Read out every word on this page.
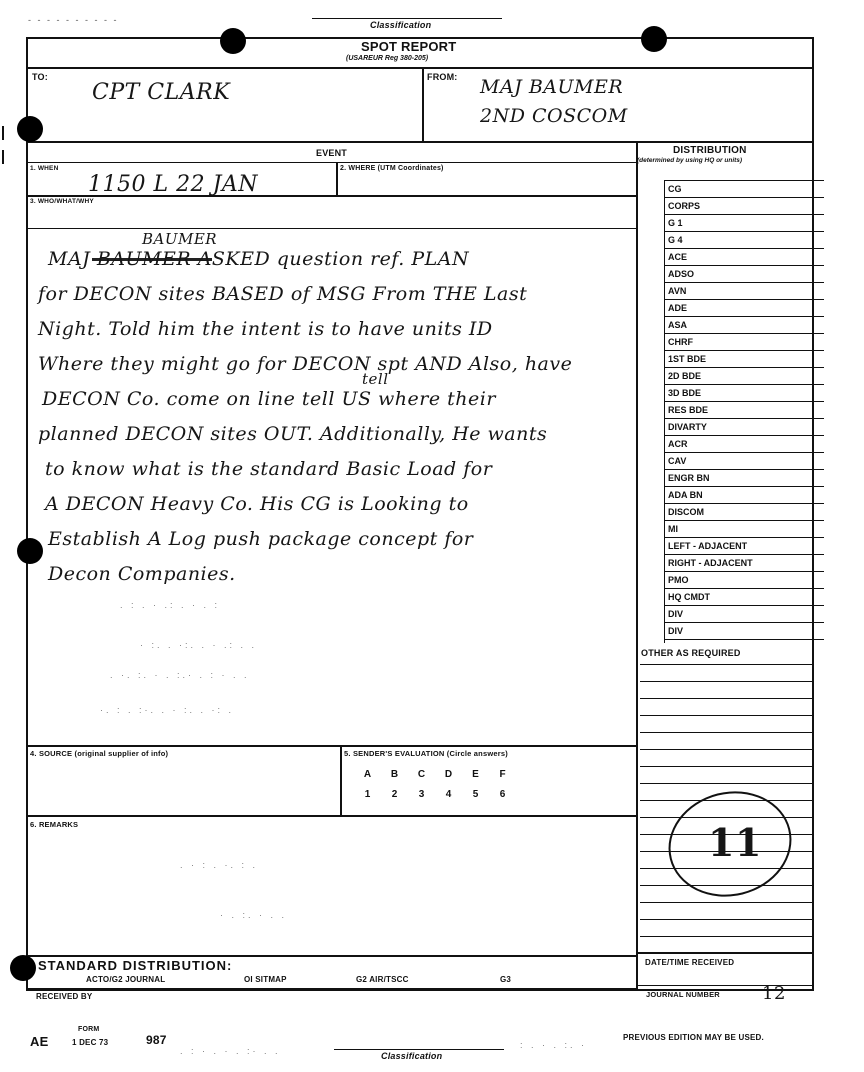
Classification
- - - - - - - - - -
SPOT REPORT
(USAREUR Reg 380-205)
TO:
CPT CLARK
FROM: MAJ BAUMER
2ND COSCOM
EVENT	DISTRIBUTION
(determined by using HQ or units)
1. WHEN
1150 L 22 JAN
2. WHERE (UTM Coordinates)
3. WHO/WHAT/WHY
BAUMER
MAJ BAUMER ASKED question ref. PLAN
for DECON sites BASED of MSG From THE Last
Night. Told him the intent is to have units ID
Where they might go for DECON spt AND Also, have
tell
DECON Co. come on line tell US where their
planned DECON sites OUT. Additionally, He wants
to know what is the standard Basic Load for
A DECON Heavy Co. His CG is Looking to
Establish A Log push package concept for
Decon Companies.
. : . · .: . · . :
· :. . ·:. . · .: . .
. ·. :. · . :.· . : · . .
·. : . :·. . · :. . ·: .
4. SOURCE (original supplier of info)	5. SENDER'S EVALUATION (Circle answers)
A B C D E F
1 2 3 4 5 6
6. REMARKS
. · : . ·. : .
· . :. · . .
STANDARD DISTRIBUTION:
ACTO/G2 JOURNAL	OI SITMAP	G2 AIR/TSCC	G3
RECEIVED BY
CG
CORPS
G 1
G 4
ACE
ADSO
AVN
ADE
ASA
CHRF
1ST BDE
2D BDE
3D BDE
RES BDE
DIVARTY
ACR
CAV
ENGR BN
ADA BN
DISCOM
MI
LEFT - ADJACENT
RIGHT - ADJACENT
PMO
HQ CMDT
DIV
DIV
OTHER AS REQUIRED
11
DATE/TIME RECEIVED
JOURNAL NUMBER 12
AE
FORM
1 DEC 73	987	PREVIOUS EDITION MAY BE USED.
Classification
. : · . · . :· . .
: . · . :. ·
